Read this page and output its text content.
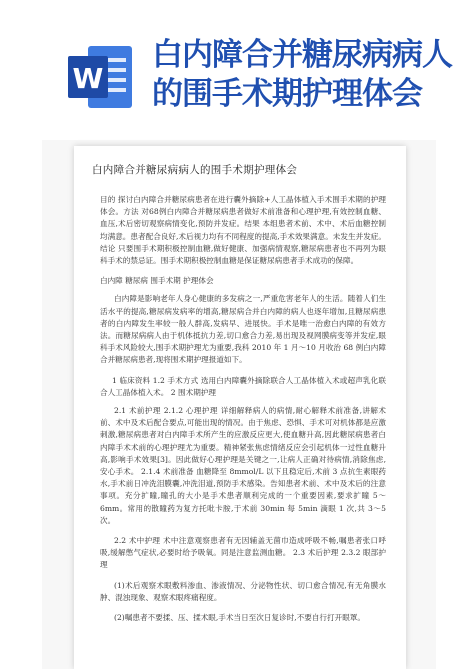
W
白内障合并糖尿病病人
的围手术期护理体会
白内障合并糖尿病病人的围手术期护理体会

目的 探讨白内障合并糖尿病患者在进行囊外摘除+人工晶体植入手术围手术期的护理体会。方法 对68例白内障合并糖尿病患者做好术前准备和心理护理,有效控制血糖、血压,术后密切观察病情变化,预防并发症。结果 本组患者术前、术中、术后血糖控制均满意。患者配合良好,术后视力均有不同程度的提高,手术效果满意。未发生并发症。结论 只要围手术期积极控制血糖,做好健康、加强病情观察,糖尿病患者也不再列为眼科手术的禁忌证。围手术期积极控制血糖是保证糖尿病患者手术成功的保障。

白内障 糖尿病 围手术期 护理体会

白内障是影响老年人身心健康的多发病之一,严重危害老年人的生活。随着人们生活水平的提高,糖尿病发病率的增高,糖尿病合并白内障的病人也逐年增加,且糖尿病患者的白内障发生率较一般人群高,发病早、进展快。手术是唯一治愈白内障的有效方法。而糖尿病病人由于机体抵抗力差,切口愈合力差,易出现及视网膜病变等并发症,眼科手术风险较大,围手术期护理尤为重要,我科 2010 年 1 月～10 月收治 68 例白内障合并糖尿病患者,现将围术期护理报道如下。

1 临床资料 1.2 手术方式 选用白内障囊外摘除联合人工晶体植入术或超声乳化联合人工晶体植入术。 2 围术期护理

2.1 术前护理 2.1.2 心理护理 详细解释病人的病情,耐心解释术前准备,讲解术前、术中及术后配合要点,可能出现的情况。由于焦虑、恐惧、手术可对机体都是应激刺激,糖尿病患者对白内障手术所产生的应激反应更大,使血糖升高,因此糖尿病患者白内障手术术前的心理护理尤为重要。精神紧张焦虑情绪反应会引起机体一过性血糖升高,影响手术效果[3]。因此做好心理护理是关键之一,让病人正确对待病情,消除焦虑,安心手术。 2.1.4 术前准备 血糖降至 8mmol/L 以下且稳定后,术前 3 点抗生素眼药水,手术前日冲洗泪膜囊,冲洗泪道,预防手术感染。告知患者术前、术中及术后的注意事项。充分扩瞳,瞳孔的大小是手术患者顺利完成的一个重要因素,要求扩瞳 5～6mm。常用的散瞳药为复方托吡卡胺,于术前 30min 每 5min 滴眼 1 次,共 3～5 次。

2.2 术中护理 术中注意观察患者有无因辅盖无菌巾造成呼吸不畅,嘱患者张口呼吸,缓解憋气症状,必要时给予吸氧。同是注意监测血糖。 2.3 术后护理 2.3.2 眼部护理

(1)术后观察术眼敷料渗血、渗液情况、分泌物性状、切口愈合情况,有无角膜水肿、混浊现象、观察术眼疼痛程度。

(2)嘱患者不要揉、压、揉术眼,手术当日至次日复诊时,不要自行打开眼罩。
